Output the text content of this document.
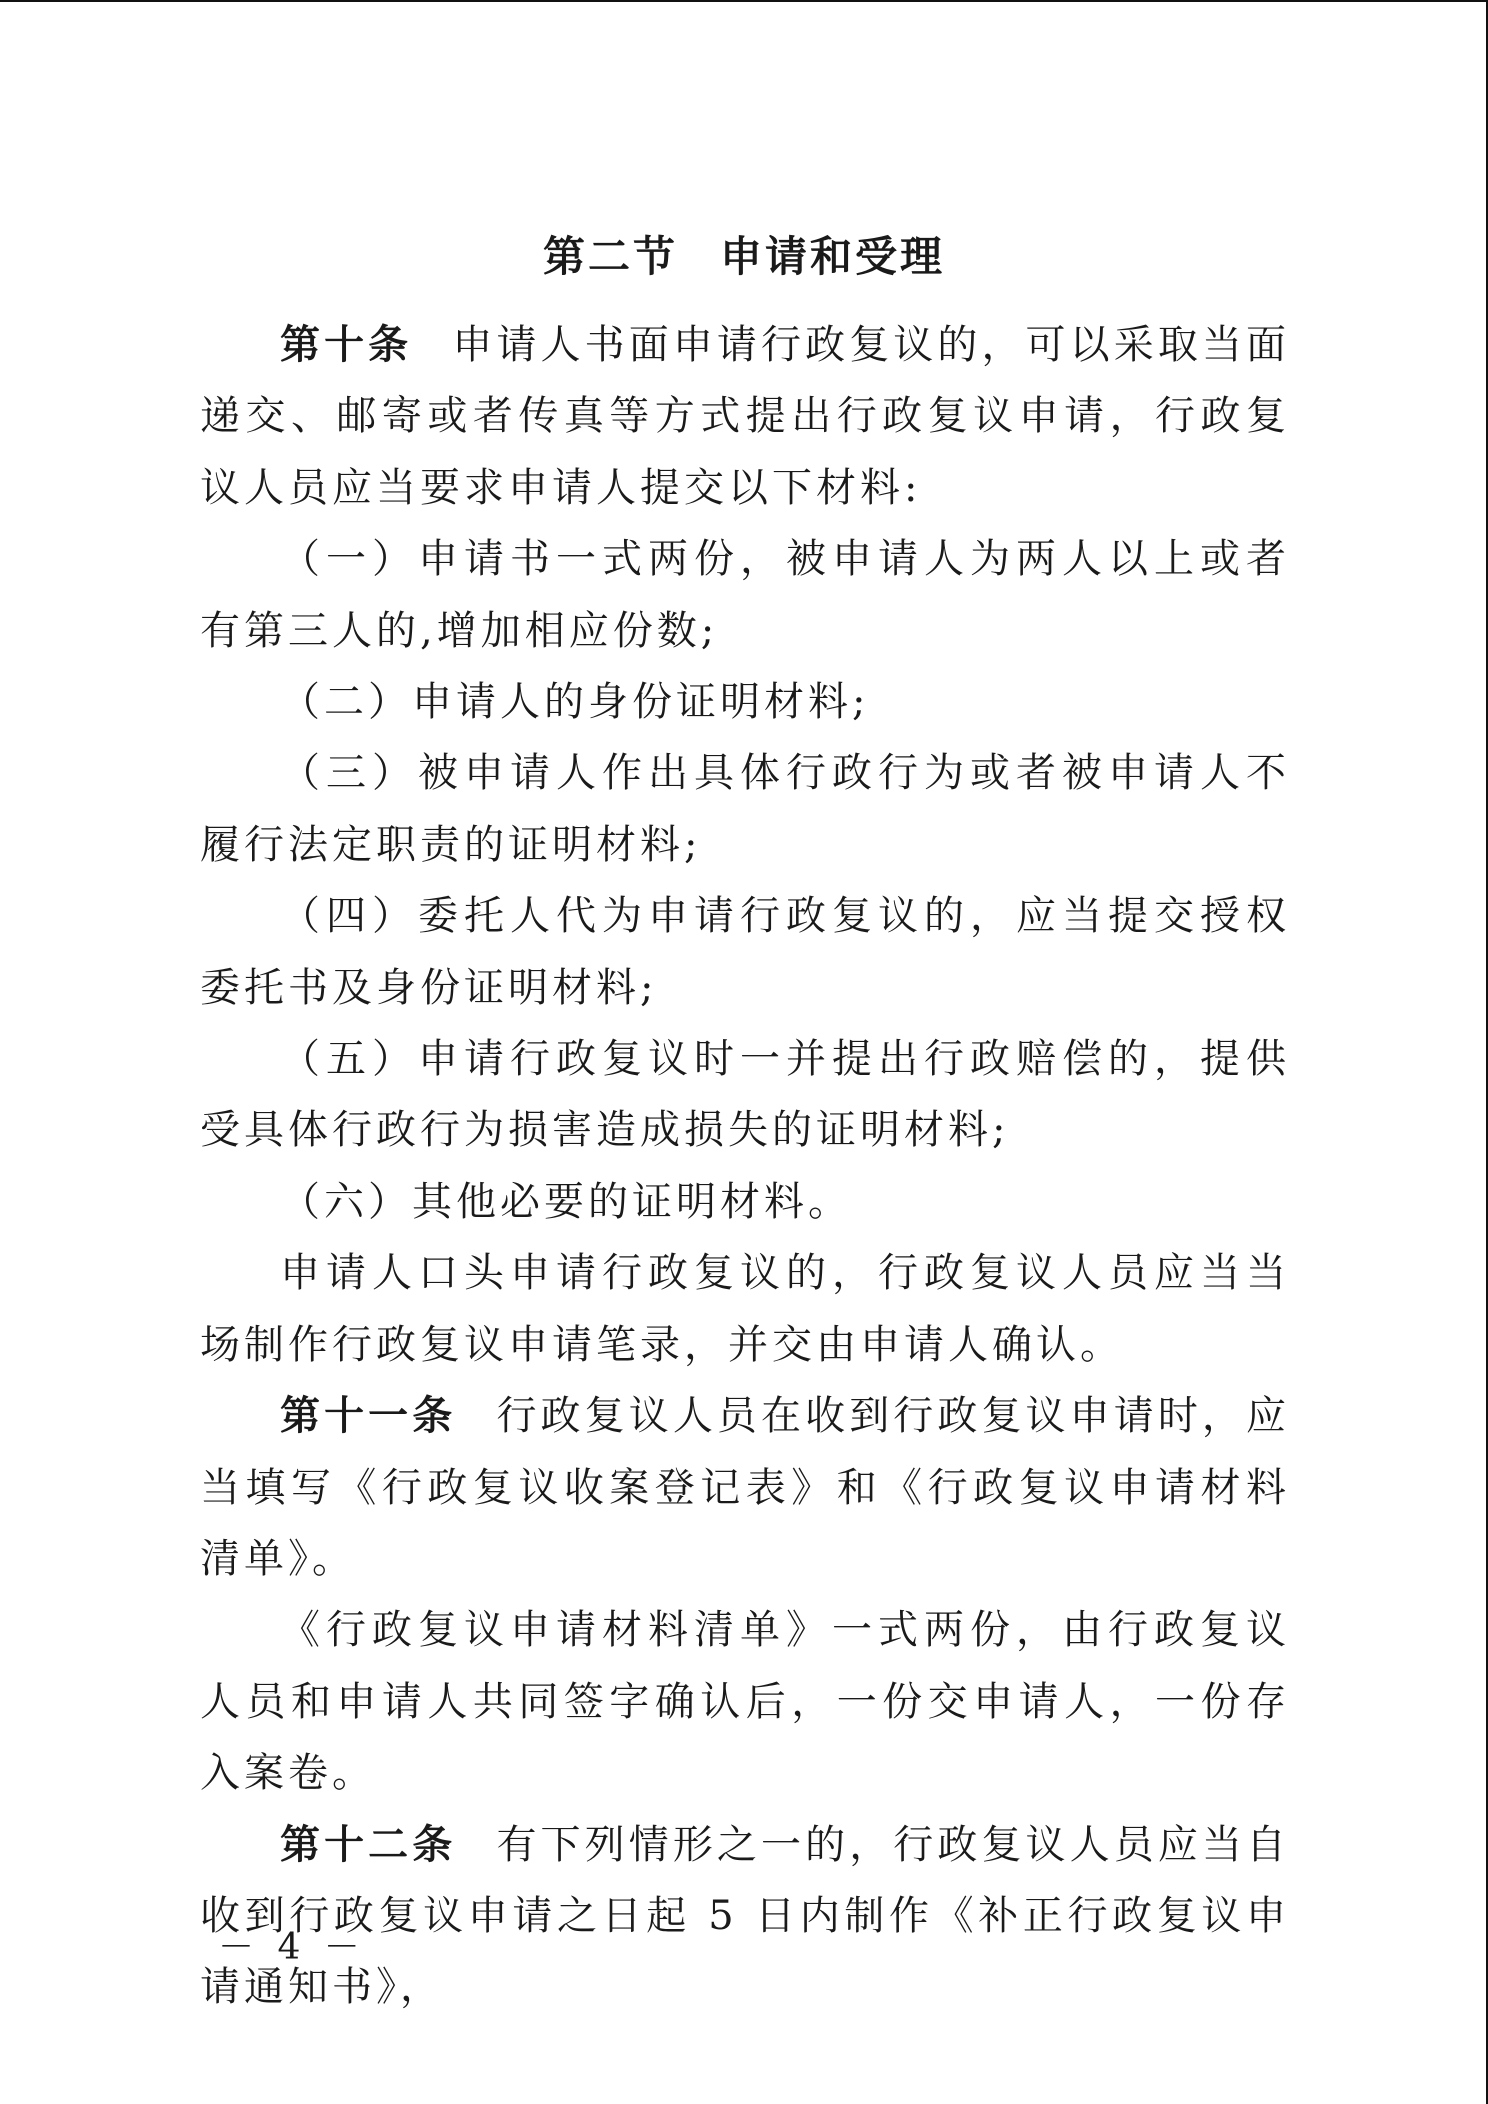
第二节 申请和受理

第十条 申请人书面申请行政复议的，可以采取当面递交、邮寄或者传真等方式提出行政复议申请，行政复议人员应当要求申请人提交以下材料:

（一）申请书一式两份，被申请人为两人以上或者有第三人的,增加相应份数;

（二）申请人的身份证明材料;

（三）被申请人作出具体行政行为或者被申请人不履行法定职责的证明材料;

（四）委托人代为申请行政复议的，应当提交授权委托书及身份证明材料;

（五）申请行政复议时一并提出行政赔偿的，提供受具体行政行为损害造成损失的证明材料;

（六）其他必要的证明材料。

申请人口头申请行政复议的，行政复议人员应当当场制作行政复议申请笔录，并交由申请人确认。

第十一条 行政复议人员在收到行政复议申请时，应当填写《行政复议收案登记表》和《行政复议申请材料清单》。

《行政复议申请材料清单》一式两份，由行政复议人员和申请人共同签字确认后，一份交申请人，一份存入案卷。

第十二条 有下列情形之一的，行政复议人员应当自收到行政复议申请之日起 5 日内制作《补正行政复议申请通知书》，

－ 4 －
